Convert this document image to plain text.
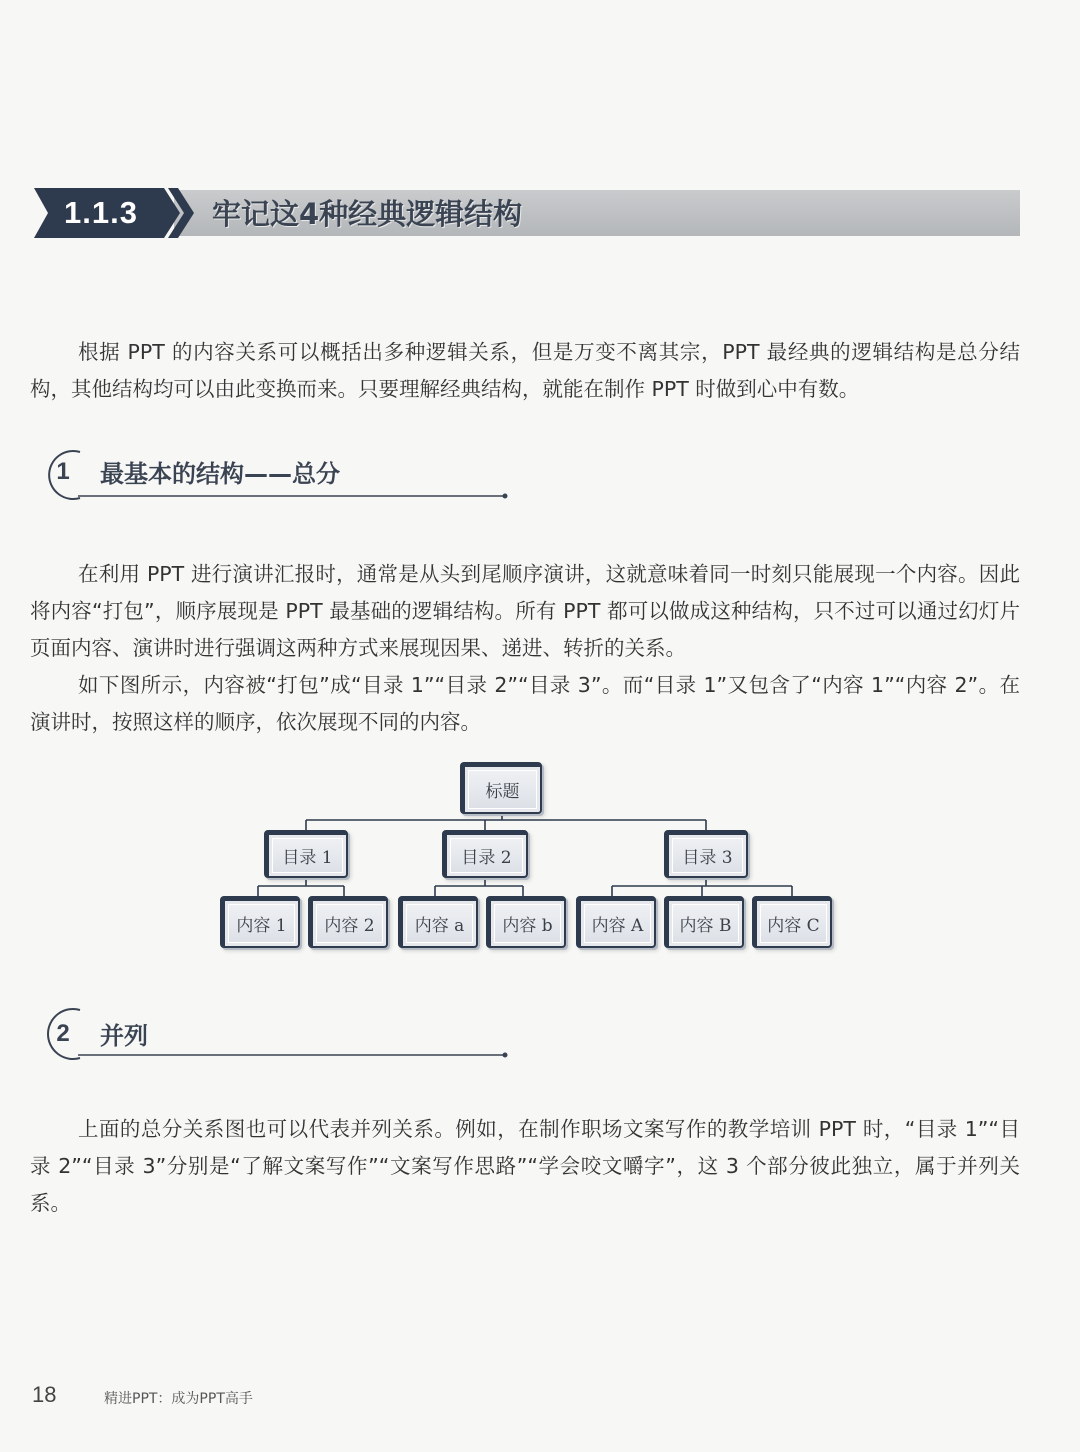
1.1.3	牢记这4种经典逻辑结构

根据 PPT 的内容关系可以概括出多种逻辑关系，但是万变不离其宗，PPT 最经典的逻辑结构是总分结构，其他结构均可以由此变换而来。只要理解经典结构，就能在制作 PPT 时做到心中有数。

1	最基本的结构——总分

在利用 PPT 进行演讲汇报时，通常是从头到尾顺序演讲，这就意味着同一时刻只能展现一个内容。因此将内容“打包”，顺序展现是 PPT 最基础的逻辑结构。所有 PPT 都可以做成这种结构，只不过可以通过幻灯片页面内容、演讲时进行强调这两种方式来展现因果、递进、转折的关系。

如下图所示，内容被“打包”成“目录 1”“目录 2”“目录 3”。而“目录 1”又包含了“内容 1”“内容 2”。在演讲时，按照这样的顺序，依次展现不同的内容。

标题
目录 1	目录 2	目录 3
内容 1	内容 2	内容 a	内容 b	内容 A	内容 B	内容 C
2	并列

上面的总分关系图也可以代表并列关系。例如，在制作职场文案写作的教学培训 PPT 时，“目录 1”“目录 2”“目录 3”分别是“了解文案写作”“文案写作思路”“学会咬文嚼字”，这 3 个部分彼此独立，属于并列关系。

18	精进PPT：成为PPT高手
